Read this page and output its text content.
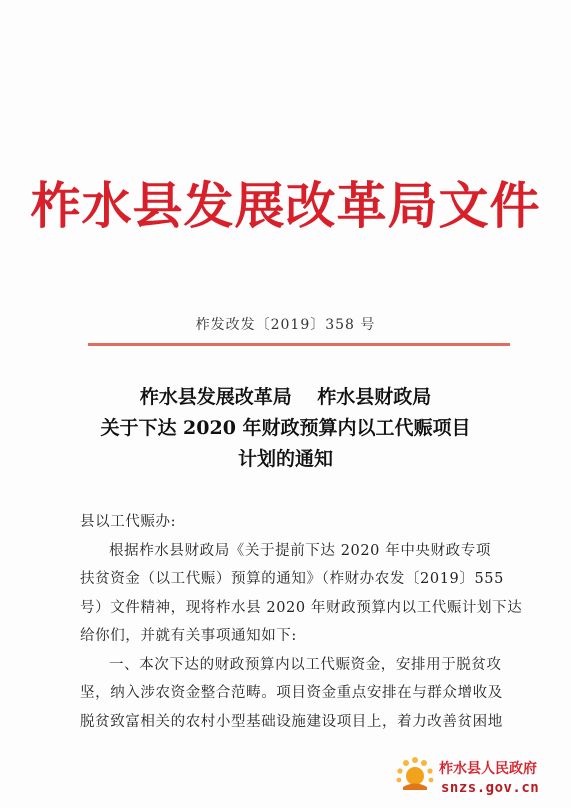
柞水县发展改革局文件
柞发改发〔2019〕358 号
柞水县发展改革局　 柞水县财政局
关于下达 2020 年财政预算内以工代赈项目
计划的通知
县以工代赈办:
根据柞水县财政局《关于提前下达 2020 年中央财政专项
扶贫资金（以工代赈）预算的通知》（柞财办农发〔2019〕555
号）文件精神，现将柞水县 2020 年财政预算内以工代赈计划下达
给你们，并就有关事项通知如下:
一、本次下达的财政预算内以工代赈资金，安排用于脱贫攻
坚，纳入涉农资金整合范畴。项目资金重点安排在与群众增收及
脱贫致富相关的农村小型基础设施建设项目上，着力改善贫困地
柞水县人民政府
snzs.gov.cn
